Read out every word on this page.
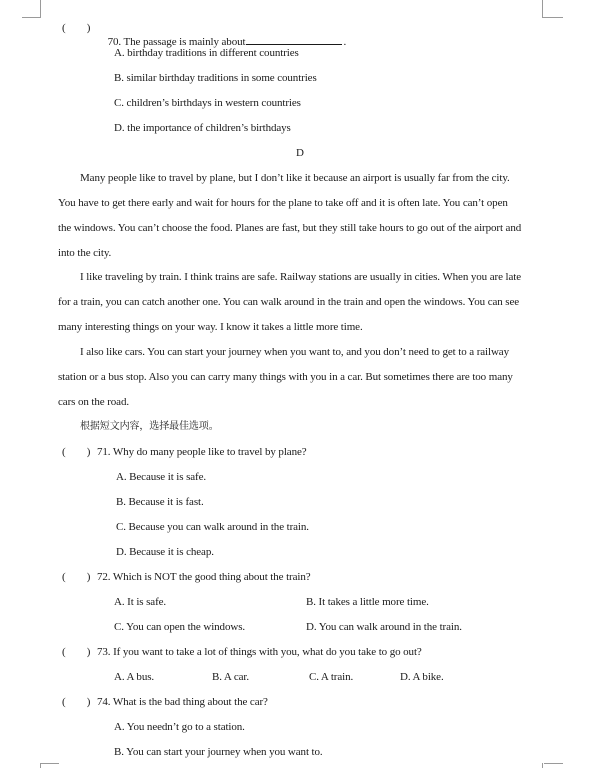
(        )

70. The passage is mainly about	.

A. birthday traditions in different countries
B. similar birthday traditions in some countries
C. children’s birthdays in western countries
D. the importance of children’s birthdays
D
Many people like to travel by plane, but I don’t like it because an airport is usually far from the city.
You have to get there early and wait for hours for the plane to take off and it is often late. You can’t open
the windows. You can’t choose the food. Planes are fast, but they still take hours to go out of the airport and
into the city.
I like traveling by train. I think trains are safe. Railway stations are usually in cities. When you are late
for a train, you can catch another one. You can walk around in the train and open the windows. You can see
many interesting things on your way. I know it takes a little more time.
I also like cars. You can start your journey when you want to, and you don’t need to get to a railway
station or a bus stop. Also you can carry many things with you in a car. But sometimes there are too many
cars on the road.
根据短文内容，选择最佳选项。
(        ) 71. Why do many people like to travel by plane?
A. Because it is safe.
B. Because it is fast.
C. Because you can walk around in the train.
D. Because it is cheap.
(        ) 72. Which is NOT the good thing about the train?
A. It is safe.	B. It takes a little more time.
C. You can open the windows.	D. You can walk around in the train.
(        ) 73. If you want to take a lot of things with you, what do you take to go out?
A. A bus.	B. A car.	C. A train.	D. A bike.
(        ) 74. What is the bad thing about the car?
A. You needn’t go to a station.
B. You can start your journey when you want to.
